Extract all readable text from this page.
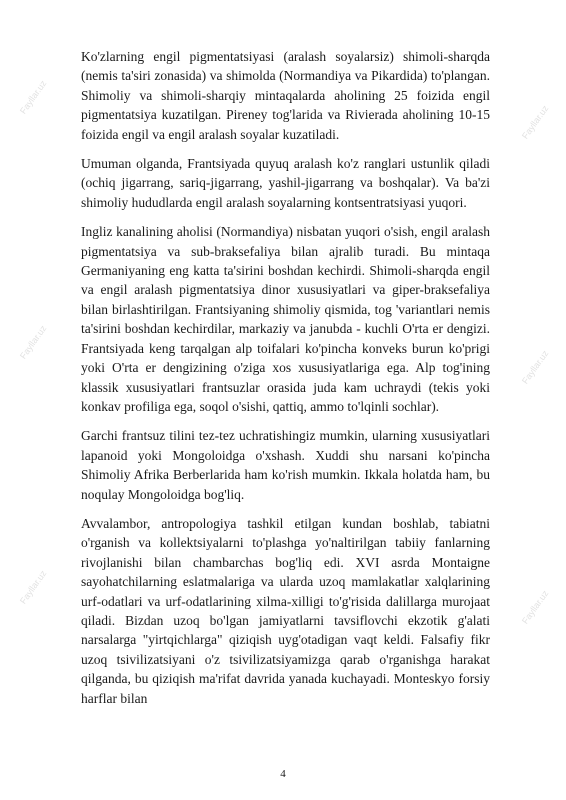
Fayllar.uz
Fayllar.uz
Fayllar.uz
Fayllar.uz
Fayllar.uz
Fayllar.uz

Ko'zlarning engil pigmentatsiyasi (aralash soyalarsiz) shimoli-sharqda (nemis ta'siri zonasida) va shimolda (Normandiya va Pikardida) to'plangan. Shimoliy va shimoli-sharqiy mintaqalarda aholining 25 foizida engil pigmentatsiya kuzatilgan. Pireney tog'larida va Rivierada aholining 10-15 foizida engil va engil aralash soyalar kuzatiladi.

Umuman olganda, Frantsiyada quyuq aralash ko'z ranglari ustunlik qiladi (ochiq jigarrang, sariq-jigarrang, yashil-jigarrang va boshqalar). Va ba'zi shimoliy hududlarda engil aralash soyalarning kontsentratsiyasi yuqori.

Ingliz kanalining aholisi (Normandiya) nisbatan yuqori o'sish, engil aralash pigmentatsiya va sub-braksefaliya bilan ajralib turadi. Bu mintaqa Germaniyaning eng katta ta'sirini boshdan kechirdi. Shimoli-sharqda engil va engil aralash pigmentatsiya dinor xususiyatlari va giper-braksefaliya bilan birlashtirilgan. Frantsiyaning shimoliy qismida, tog 'variantlari nemis ta'sirini boshdan kechirdilar, markaziy va janubda - kuchli O'rta er dengizi. Frantsiyada keng tarqalgan alp toifalari ko'pincha konveks burun ko'prigi yoki O'rta er dengizining o'ziga xos xususiyatlariga ega. Alp tog'ining klassik xususiyatlari frantsuzlar orasida juda kam uchraydi (tekis yoki konkav profiliga ega, soqol o'sishi, qattiq, ammo to'lqinli sochlar).

Garchi frantsuz tilini tez-tez uchratishingiz mumkin, ularning xususiyatlari lapanoid yoki Mongoloidga o'xshash. Xuddi shu narsani ko'pincha Shimoliy Afrika Berberlarida ham ko'rish mumkin. Ikkala holatda ham, bu noqulay Mongoloidga bog'liq.

Avvalambor, antropologiya tashkil etilgan kundan boshlab, tabiatni o'rganish va kollektsiyalarni to'plashga yo'naltirilgan tabiiy fanlarning rivojlanishi bilan chambarchas bog'liq edi. XVI asrda Montaigne sayohatchilarning eslatmalariga va ularda uzoq mamlakatlar xalqlarining urf-odatlari va urf-odatlarining xilma-xilligi to'g'risida dalillarga murojaat qiladi. Bizdan uzoq bo'lgan jamiyatlarni tavsiflovchi ekzotik g'alati narsalarga "yirtqichlarga" qiziqish uyg'otadigan vaqt keldi. Falsafiy fikr uzoq tsivilizatsiyani o'z tsivilizatsiyamizga qarab o'rganishga harakat qilganda, bu qiziqish ma'rifat davrida yanada kuchayadi. Monteskyo forsiy harflar bilan

4
